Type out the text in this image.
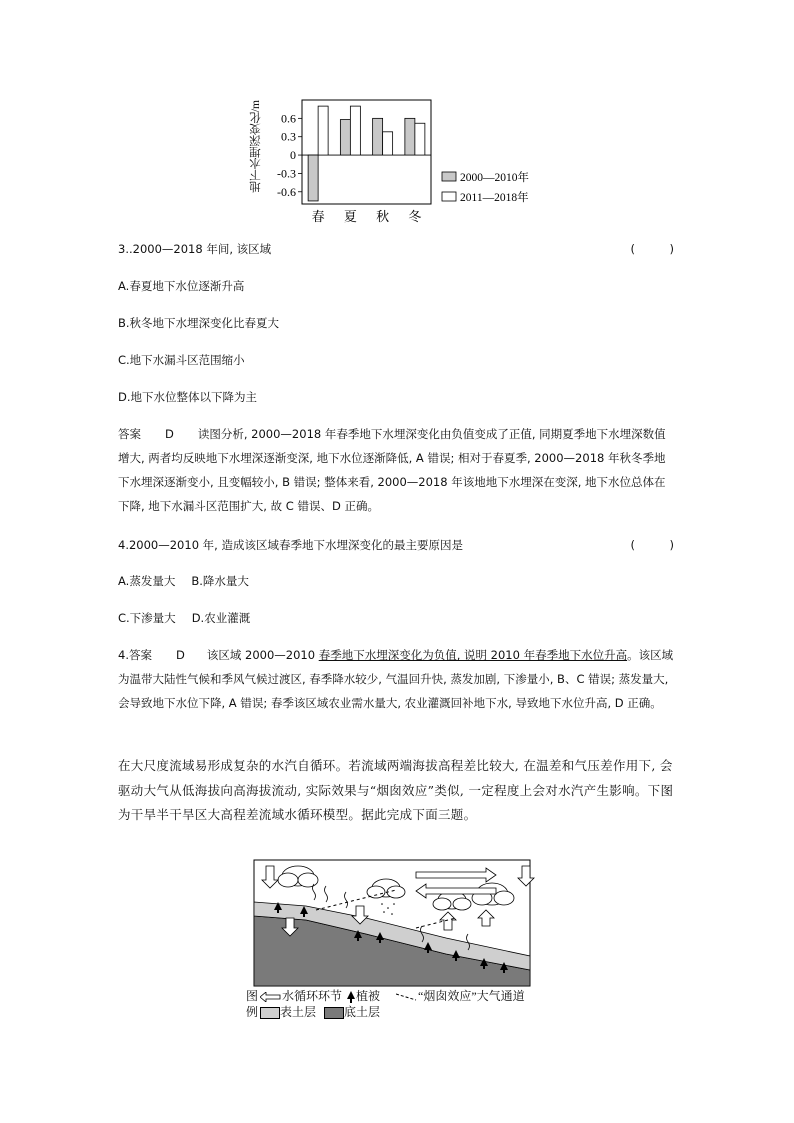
地下水埋深变化/m 0.6
0.3
0
-0.3
-0.6
春 夏 秋 冬
2000—2010年
2011—2018年
3..2000—2018 年间, 该区域	(　　　)
A.春夏地下水位逐渐升高
B.秋冬地下水埋深变化比春夏大
C.地下水漏斗区范围缩小
D.地下水位整体以下降为主
答案 D 读图分析, 2000—2018 年春季地下水埋深变化由负值变成了正值, 同期夏季地下水埋深数值增大, 两者均反映地下水埋深逐渐变深, 地下水位逐渐降低, A 错误; 相对于春夏季, 2000—2018 年秋冬季地下水埋深逐渐变小, 且变幅较小, B 错误; 整体来看, 2000—2018 年该地地下水埋深在变深, 地下水位总体在下降, 地下水漏斗区范围扩大, 故 C 错误、D 正确。
4.2000—2010 年, 造成该区域春季地下水埋深变化的最主要原因是	(　　　)
A.蒸发量大 B.降水量大
C.下渗量大 D.农业灌溉
4.答案 D 该区域 2000—2010 春季地下水埋深变化为负值, 说明 2010 年春季地下水位升高。该区域为温带大陆性气候和季风气候过渡区, 春季降水较少, 气温回升快, 蒸发加剧, 下渗量小, B、C 错误; 蒸发量大, 会导致地下水位下降, A 错误; 春季该区域农业需水量大, 农业灌溉回补地下水, 导致地下水位升高, D 正确。
在大尺度流域易形成复杂的水汽自循环。若流域两端海拔高程差比较大, 在温差和气压差作用下, 会驱动大气从低海拔向高海拔流动, 实际效果与“烟囱效应”类似, 一定程度上会对水汽产生影响。下图为干旱半干旱区大高程差流域水循环模型。据此完成下面三题。
图
例
水循环环节	植被	“烟囱效应”大气通道
表土层	底土层
